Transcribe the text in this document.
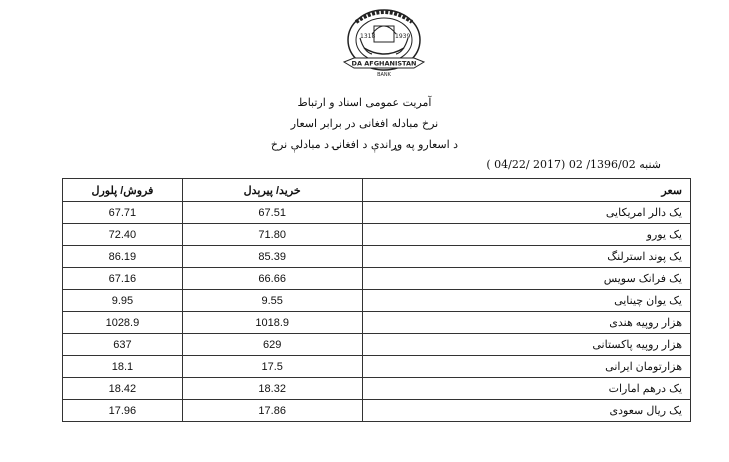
1318	1939
DA AFGHANISTAN
BANK
آمریت عمومی اسناد و ارتباط
نرخ مبادله افغانی در برابر اسعار
د اسعارو په وړاندې د افغانۍ د مبادلې نرخ
شنبه 1396/02/ 02 (2017 /04/22 )
فروش/ پلورل	خرید/ پیرېدل	سعر
67.71	67.51	یک دالر امریکایی
72.40	71.80	یک یورو
86.19	85.39	یک پوند استرلنگ
67.16	66.66	یک فرانک سویس
9.95	9.55	یک یوان چینایی
1028.9	1018.9	هزار روپیه هندی
637	629	هزار روپیه پاکستانی
18.1	17.5	هزارتومان ایرانی
18.42	18.32	یک درهم امارات
17.96	17.86	یک ریال سعودی
